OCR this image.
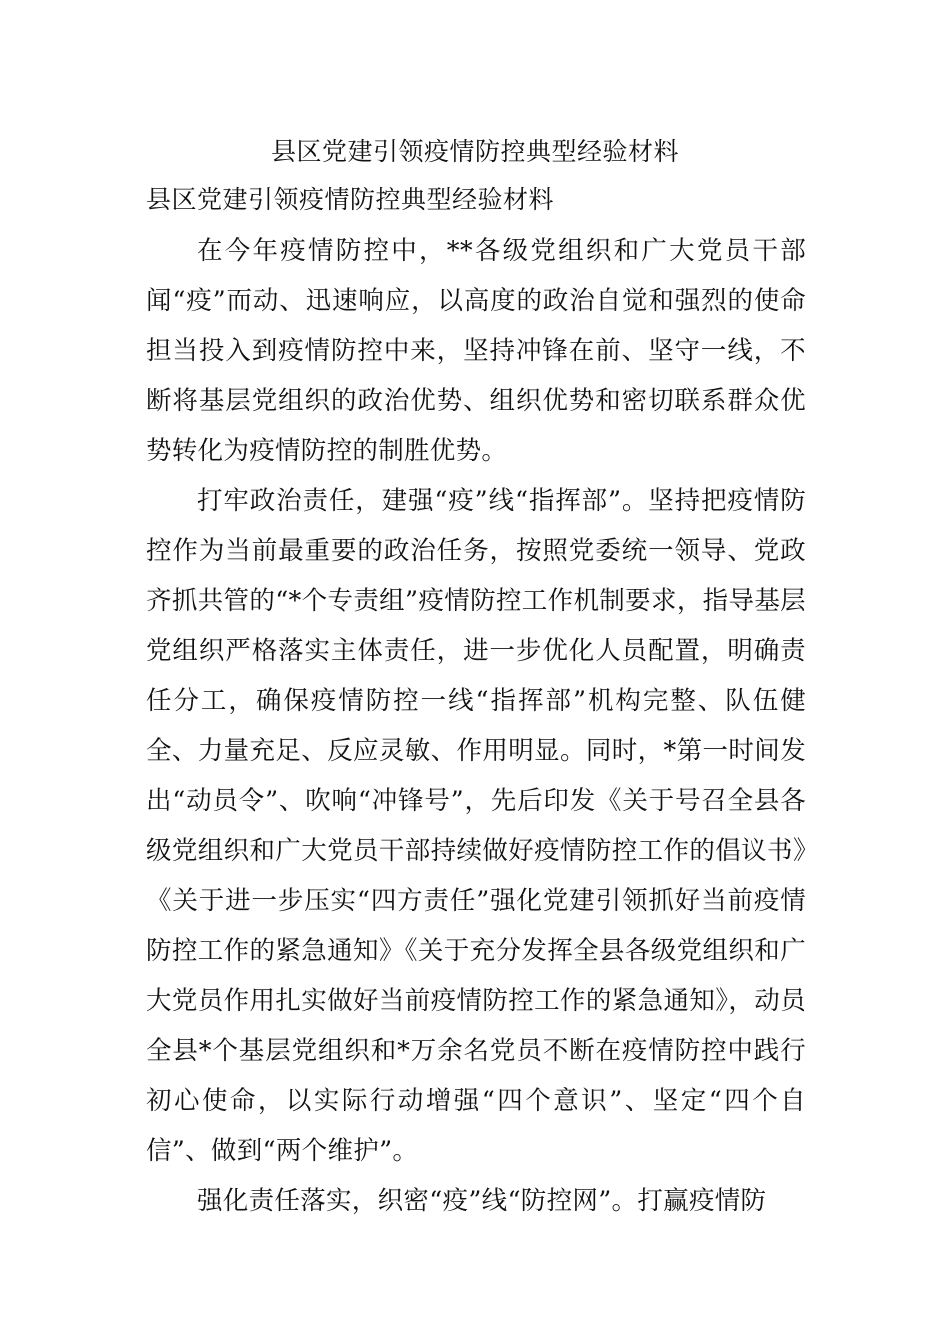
县区党建引领疫情防控典型经验材料
县区党建引领疫情防控典型经验材料

在今年疫情防控中，**各级党组织和广大党员干部闻“疫”而动、迅速响应，以高度的政治自觉和强烈的使命担当投入到疫情防控中来，坚持冲锋在前、坚守一线，不断将基层党组织的政治优势、组织优势和密切联系群众优势转化为疫情防控的制胜优势。

打牢政治责任，建强“疫”线“指挥部”。坚持把疫情防控作为当前最重要的政治任务，按照党委统一领导、党政齐抓共管的“*个专责组”疫情防控工作机制要求，指导基层党组织严格落实主体责任，进一步优化人员配置，明确责任分工，确保疫情防控一线“指挥部”机构完整、队伍健全、力量充足、反应灵敏、作用明显。同时，*第一时间发出“动员令”、吹响“冲锋号”，先后印发《关于号召全县各级党组织和广大党员干部持续做好疫情防控工作的倡议书》《关于进一步压实“四方责任”强化党建引领抓好当前疫情防控工作的紧急通知》《关于充分发挥全县各级党组织和广大党员作用扎实做好当前疫情防控工作的紧急通知》，动员全县*个基层党组织和*万余名党员不断在疫情防控中践行初心使命，以实际行动增强“四个意识”、坚定“四个自信”、做到“两个维护”。

强化责任落实，织密“疫”线“防控网”。打赢疫情防
